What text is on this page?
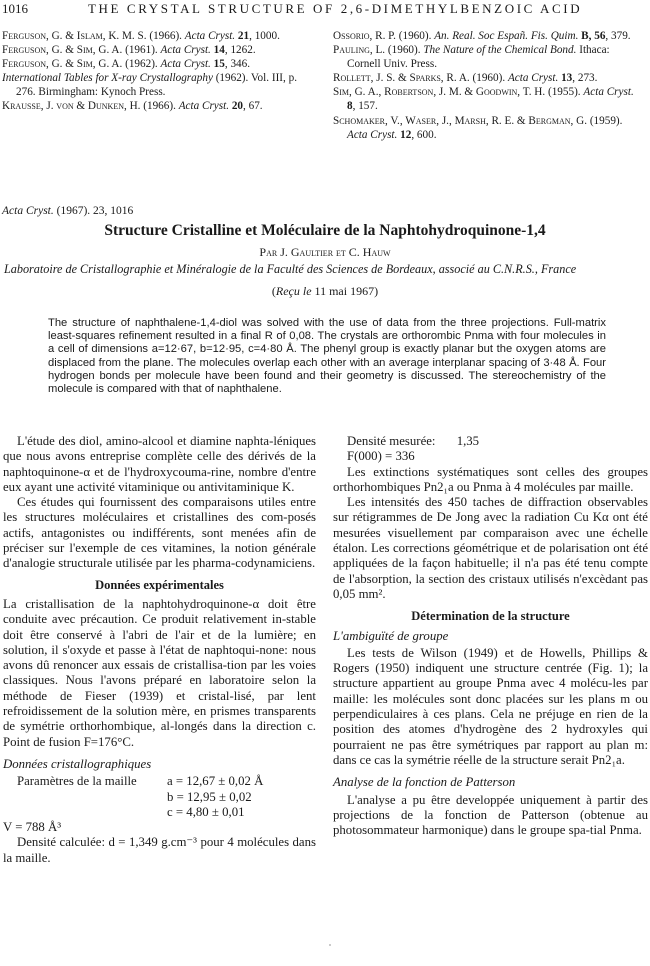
1016	THE CRYSTAL STRUCTURE OF 2,6-DIMETHYLBENZOIC ACID
Ferguson, G. & Islam, K. M. S. (1966). Acta Cryst. 21, 1000.
Ferguson, G. & Sim, G. A. (1961). Acta Cryst. 14, 1262.
Ferguson, G. & Sim, G. A. (1962). Acta Cryst. 15, 346.
International Tables for X-ray Crystallography (1962). Vol. III, p. 276. Birmingham: Kynoch Press.
Krausse, J. von & Dunken, H. (1966). Acta Cryst. 20, 67.
Ossorio, R. P. (1960). An. Real. Soc Españ. Fis. Quim. B, 56, 379.
Pauling, L. (1960). The Nature of the Chemical Bond. Ithaca: Cornell Univ. Press.
Rollett, J. S. & Sparks, R. A. (1960). Acta Cryst. 13, 273.
Sim, G. A., Robertson, J. M. & Goodwin, T. H. (1955). Acta Cryst. 8, 157.
Schomaker, V., Waser, J., Marsh, R. E. & Bergman, G. (1959). Acta Cryst. 12, 600.
Acta Cryst. (1967). 23, 1016
Structure Cristalline et Moléculaire de la Naphtohydroquinone-1,4
Par J. Gaultier et C. Hauw
Laboratoire de Cristallographie et Minéralogie de la Faculté des Sciences de Bordeaux, associé au C.N.R.S., France
(Reçu le 11 mai 1967)
The structure of naphthalene-1,4-diol was solved with the use of data from the three projections. Full-matrix least-squares refinement resulted in a final R of 0,08. The crystals are orthorombic Pnma with four molecules in a cell of dimensions a=12·67, b=12·95, c=4·80 Å. The phenyl group is exactly planar but the oxygen atoms are displaced from the plane. The molecules overlap each other with an average interplanar spacing of 3·48 Å. Four hydrogen bonds per molecule have been found and their geometry is discussed. The stereochemistry of the molecule is compared with that of naphthalene.

L'étude des diol, amino-alcool et diamine naphta-léniques que nous avons entreprise complète celle des dérivés de la naphtoquinone-α et de l'hydroxycouma-rine, nombre d'entre eux ayant une activité vitaminique ou antivitaminique K.

Ces études qui fournissent des comparaisons utiles entre les structures moléculaires et cristallines des com-posés actifs, antagonistes ou indifférents, sont menées afin de préciser sur l'exemple de ces vitamines, la notion générale d'analogie structurale utilisée par les pharma-codynamiciens.

Données expérimentales

La cristallisation de la naphtohydroquinone-α doit être conduite avec précaution. Ce produit relativement in-stable doit être conservé à l'abri de l'air et de la lumière; en solution, il s'oxyde et passe à l'état de naphtoqui-none: nous avons dû renoncer aux essais de cristallisa-tion par les voies classiques. Nous l'avons préparé en laboratoire selon la méthode de Fieser (1939) et cristal-lisé, par lent refroidissement de la solution mère, en prismes transparents de symétrie orthorhombique, al-longés dans la direction c. Point de fusion F=176°C.

Données cristallographiques
Paramètres de la maille	a = 12,67 ± 0,02 Å
b = 12,95 ± 0,02
c = 4,80 ± 0,01
V = 788 Å³

Densité calculée: d = 1,349 g.cm⁻³ pour 4 molécules dans la maille.

Densité mesurée: 1,35
F(000) = 336

Les extinctions systématiques sont celles des groupes orthorhombiques Pn2₁a ou Pnma à 4 molécules par maille.

Les intensités des 450 taches de diffraction observables sur rétigrammes de De Jong avec la radiation Cu Kα ont été mesurées visuellement par comparaison avec une échelle étalon. Les corrections géométrique et de polarisation ont été appliquées de la façon habituelle; il n'a pas été tenu compte de l'absorption, la section des cristaux utilisés n'excèdant pas 0,05 mm².

Détermination de la structure
L'ambiguïté de groupe

Les tests de Wilson (1949) et de Howells, Phillips & Rogers (1950) indiquent une structure centrée (Fig. 1); la structure appartient au groupe Pnma avec 4 molécu-les par maille: les molécules sont donc placées sur les plans m ou perpendiculaires à ces plans. Cela ne préjuge en rien de la position des atomes d'hydrogène des 2 hydroxyles qui pourraient ne pas être symétriques par rapport au plan m: dans ce cas la symétrie réelle de la structure serait Pn2₁a.

Analyse de la fonction de Patterson

L'analyse a pu être developpée uniquement à partir des projections de la fonction de Patterson (obtenue au photosommateur harmonique) dans le groupe spa-tial Pnma.
